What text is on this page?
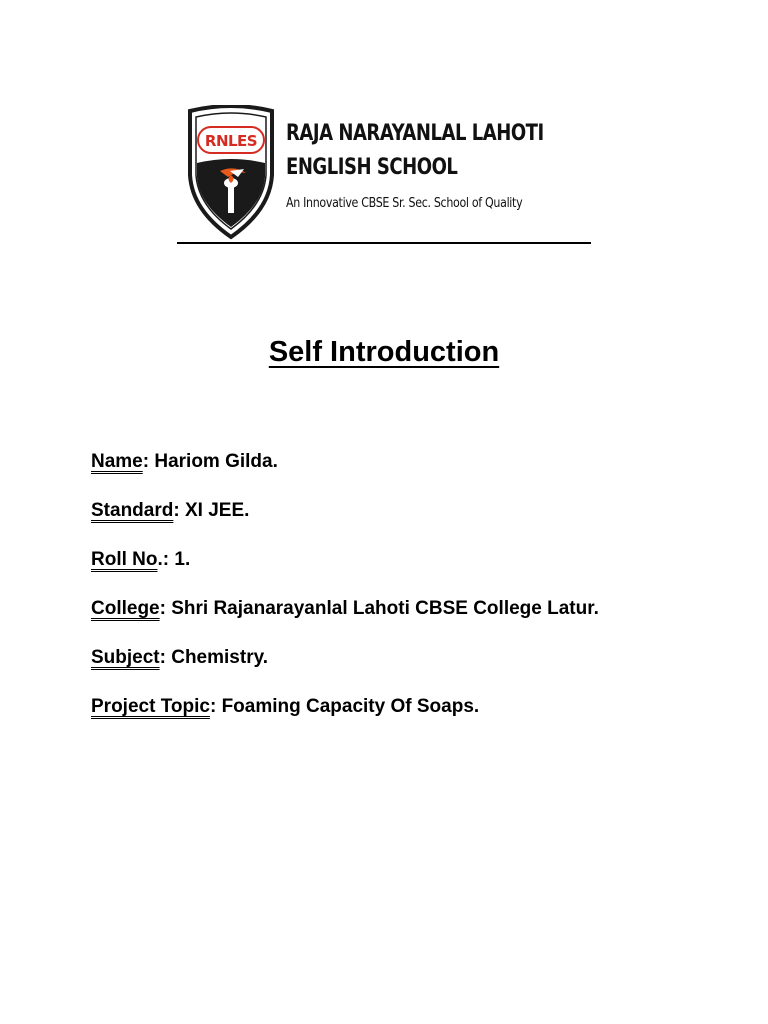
RNLES RAJA NARAYANLAL LAHOTI
ENGLISH SCHOOL
An Innovative CBSE Sr. Sec. School of Quality
Self Introduction
Name: Hariom Gilda.
Standard: XI JEE.
Roll No.: 1.
College: Shri Rajanarayanlal Lahoti CBSE College Latur.
Subject: Chemistry.
Project Topic: Foaming Capacity Of Soaps.
